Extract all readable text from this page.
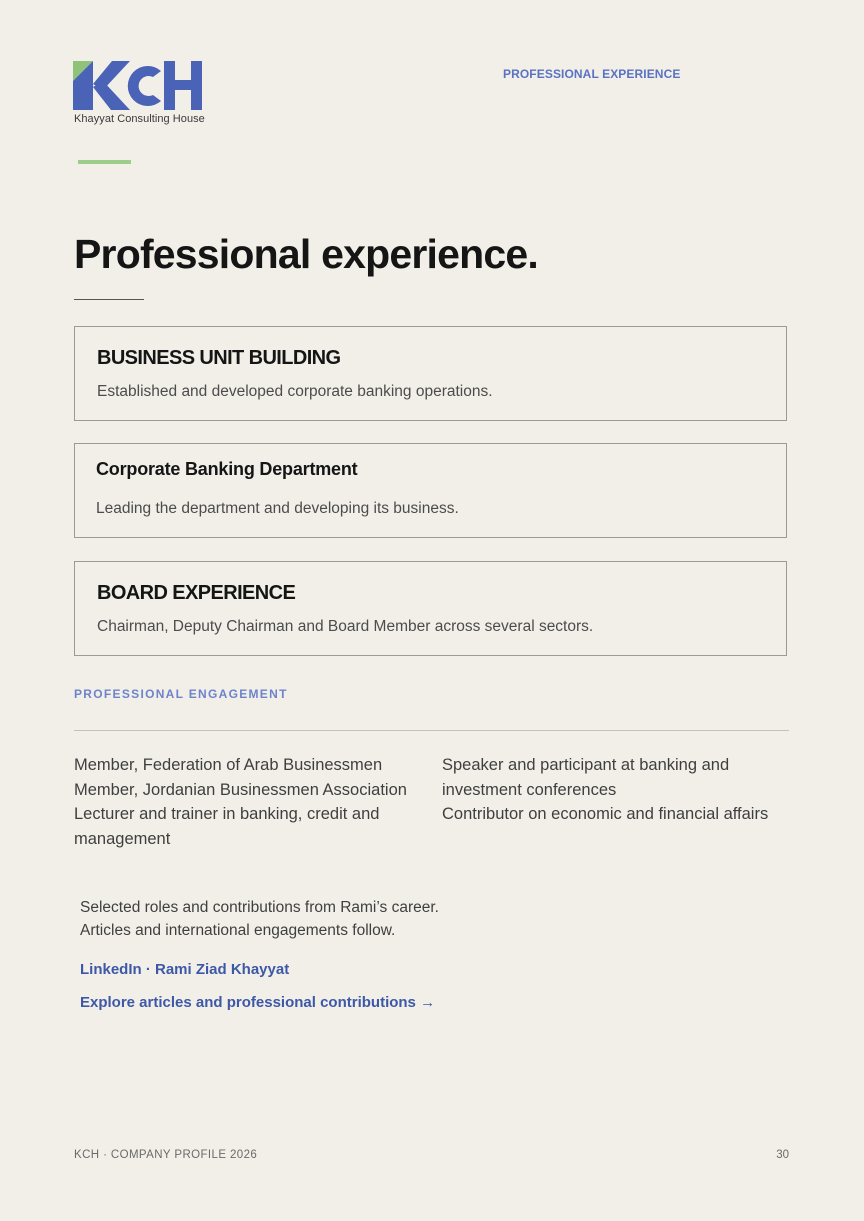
Khayyat Consulting House
PROFESSIONAL EXPERIENCE
Professional experience.
BUSINESS UNIT BUILDING
Established and developed corporate banking operations.
Corporate Banking Department
Leading the department and developing its business.
BOARD EXPERIENCE
Chairman, Deputy Chairman and Board Member across several sectors.
PROFESSIONAL ENGAGEMENT
Member, Federation of Arab Businessmen
Member, Jordanian Businessmen Association
Lecturer and trainer in banking, credit and management
Speaker and participant at banking and investment conferences
Contributor on economic and financial affairs
Selected roles and contributions from Rami’s career.
Articles and international engagements follow.
LinkedIn · Rami Ziad Khayyat
Explore articles and professional contributions →
KCH · COMPANY PROFILE 2026	30
